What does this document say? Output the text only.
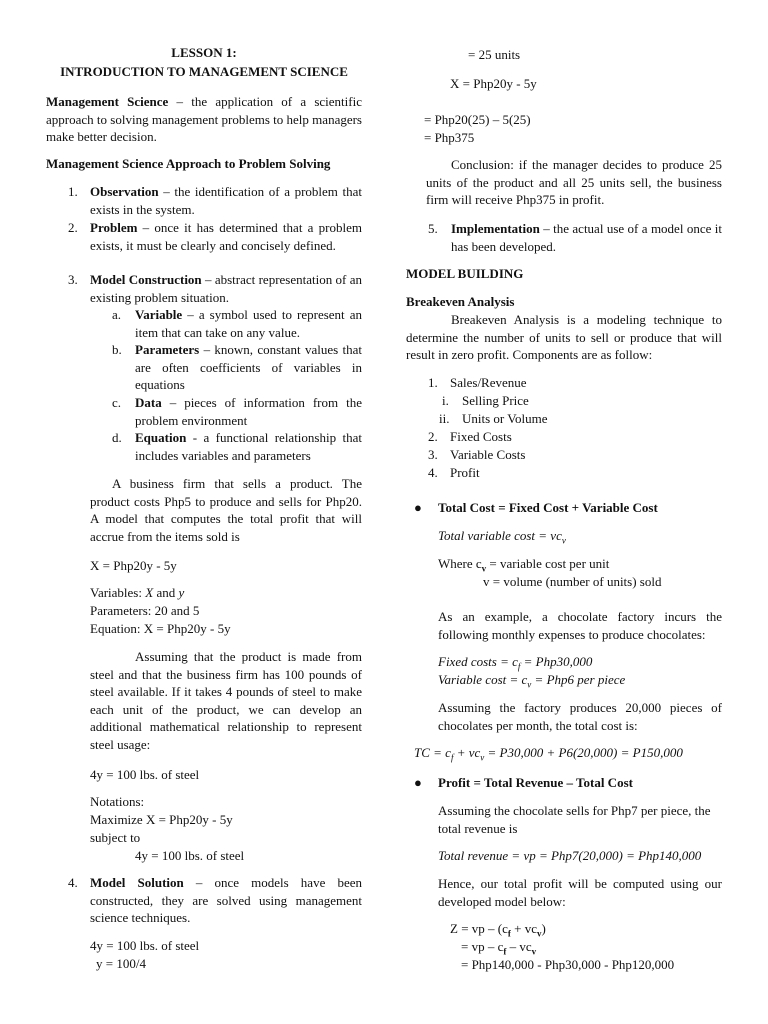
LESSON 1:
INTRODUCTION TO MANAGEMENT SCIENCE

Management Science – the application of a scientific approach to solving management problems to help managers make better decision.

Management Science Approach to Problem Solving
1. Observation – the identification of a problem that exists in the system.

2. Problem – once it has determined that a problem exists, it must be clearly and concisely defined.

3. Model Construction – abstract representation of an existing problem situation.

a. Variable – a symbol used to represent an item that can take on any value.

b. Parameters – known, constant values that are often coefficients of variables in equations

c. Data – pieces of information from the problem environment

d. Equation - a functional relationship that includes variables and parameters

A business firm that sells a product. The product costs Php5 to produce and sells for Php20. A model that computes the total profit that will accrue from the items sold is

X = Php20y - 5y
Variables: X and y
Parameters: 20 and 5
Equation: X = Php20y - 5y

Assuming that the product is made from steel and that the business firm has 100 pounds of steel available. If it takes 4 pounds of steel to make each unit of the product, we can develop an additional mathematical relationship to represent steel usage:

4y = 100 lbs. of steel
Notations:
Maximize X = Php20y - 5y
subject to
4y = 100 lbs. of steel
4. Model Solution – once models have been constructed, they are solved using management science techniques.

4y = 100 lbs. of steel
y = 100/4
= 25 units
X = Php20y - 5y
= Php20(25) – 5(25)
= Php375

Conclusion: if the manager decides to produce 25 units of the product and all 25 units sell, the business firm will receive Php375 in profit.

5. Implementation – the actual use of a model once it has been developed.

MODEL BUILDING
Breakeven Analysis

Breakeven Analysis is a modeling technique to determine the number of units to sell or produce that will result in zero profit. Components are as follow:

1. Sales/Revenue
i. Selling Price
ii. Units or Volume
2. Fixed Costs
3. Variable Costs
4. Profit
● Total Cost = Fixed Cost + Variable Cost
Total variable $\cos t = vc_v$
Where $c_v$ = variable cost per unit
v = volume (number of units) sold

As an example, a chocolate factory incurs the following monthly expenses to produce chocolates:

Fixed costs = $c_f = Php30,000$
Variable $\cos t = c_v = Php6$ per piece

Assuming the factory produces 20,000 pieces of chocolates per month, the total cost is:

TC = $c_f + vc_v = P30,000 + P6(20,000) = P150,000$
● Profit = Total Revenue – Total Cost

Assuming the chocolate sells for Php7 per piece, the total revenue is

Total revenue = vp = Php7(20,000) = Php140,000

Hence, our total profit will be computed using our developed model below:

Z = vp – $(c_f + vc_v)$
= vp – $c_f - vc_v$
= Php140,000 - Php30,000 - Php120,000
